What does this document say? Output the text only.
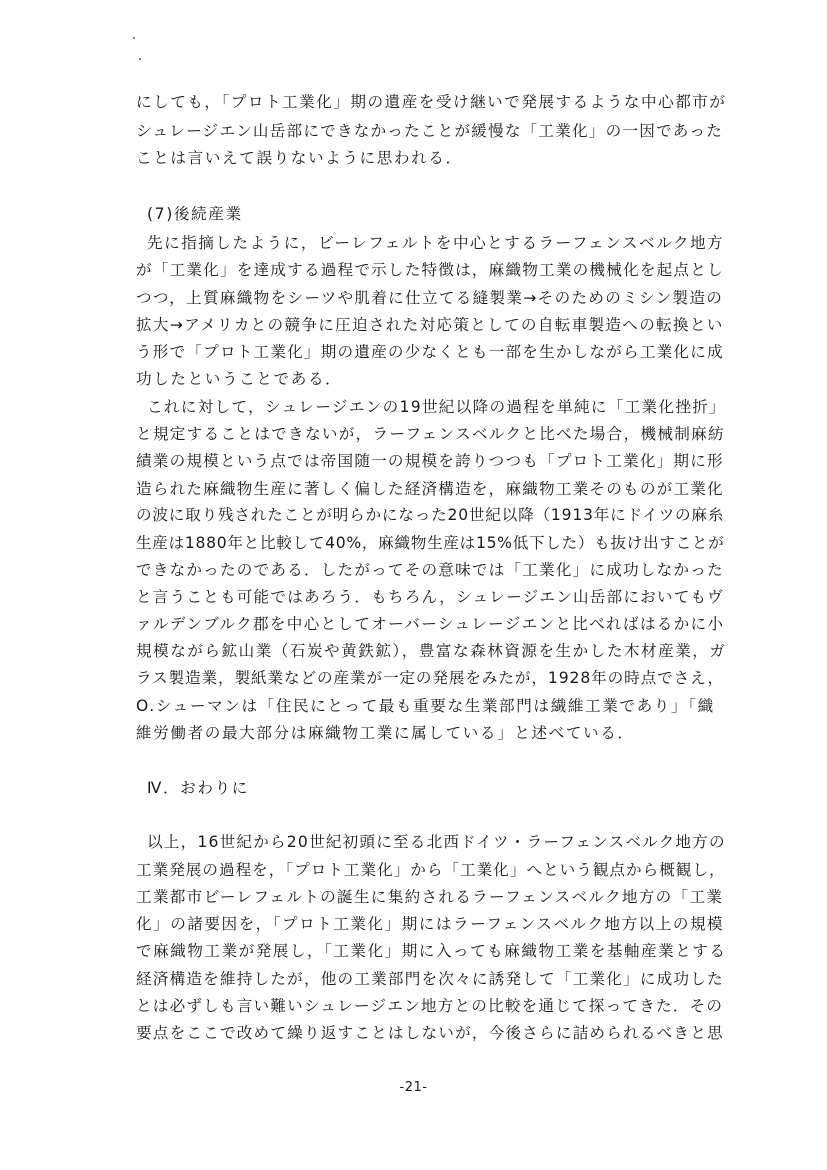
にしても，「プロト工業化」期の遺産を受け継いで発展するような中心都市が
シュレージエン山岳部にできなかったことが緩慢な「工業化」の一因であった
ことは言いえて誤りないように思われる．
(7)後続産業
先に指摘したように，ビーレフェルトを中心とするラーフェンスベルク地方
が「工業化」を達成する過程で示した特徴は，麻織物工業の機械化を起点とし
つつ，上質麻織物をシーツや肌着に仕立てる縫製業→そのためのミシン製造の
拡大→アメリカとの競争に圧迫された対応策としての自転車製造への転換とい
う形で「プロト工業化」期の遺産の少なくとも一部を生かしながら工業化に成
功したということである．
これに対して，シュレージエンの19世紀以降の過程を単純に「工業化挫折」
と規定することはできないが，ラーフェンスベルクと比べた場合，機械制麻紡
績業の規模という点では帝国随一の規模を誇りつつも「プロト工業化」期に形
造られた麻織物生産に著しく偏した経済構造を，麻織物工業そのものが工業化
の波に取り残されたことが明らかになった20世紀以降（1913年にドイツの麻糸
生産は1880年と比較して40%，麻織物生産は15%低下した）も抜け出すことが
できなかったのである．したがってその意味では「工業化」に成功しなかった
と言うことも可能ではあろう．もちろん，シュレージエン山岳部においてもヴ
ァルデンブルク郡を中心としてオーバーシュレージエンと比べればはるかに小
規模ながら鉱山業（石炭や黄鉄鉱），豊富な森林資源を生かした木材産業，ガ
ラス製造業，製紙業などの産業が一定の発展をみたが，1928年の時点でさえ，
O.シューマンは「住民にとって最も重要な生業部門は繊維工業であり」「織
維労働者の最大部分は麻織物工業に属している」と述べている．
Ⅳ．おわりに
以上，16世紀から20世紀初頭に至る北西ドイツ・ラーフェンスベルク地方の
工業発展の過程を，「プロト工業化」から「工業化」へという観点から概観し，
工業都市ビーレフェルトの誕生に集約されるラーフェンスベルク地方の「工業
化」の諸要因を，「プロト工業化」期にはラーフェンスベルク地方以上の規模
で麻織物工業が発展し，「工業化」期に入っても麻織物工業を基軸産業とする
経済構造を維持したが，他の工業部門を次々に誘発して「工業化」に成功した
とは必ずしも言い難いシュレージエン地方との比較を通じて探ってきた．その
要点をここで改めて繰り返すことはしないが，今後さらに詰められるべきと思
-21-
